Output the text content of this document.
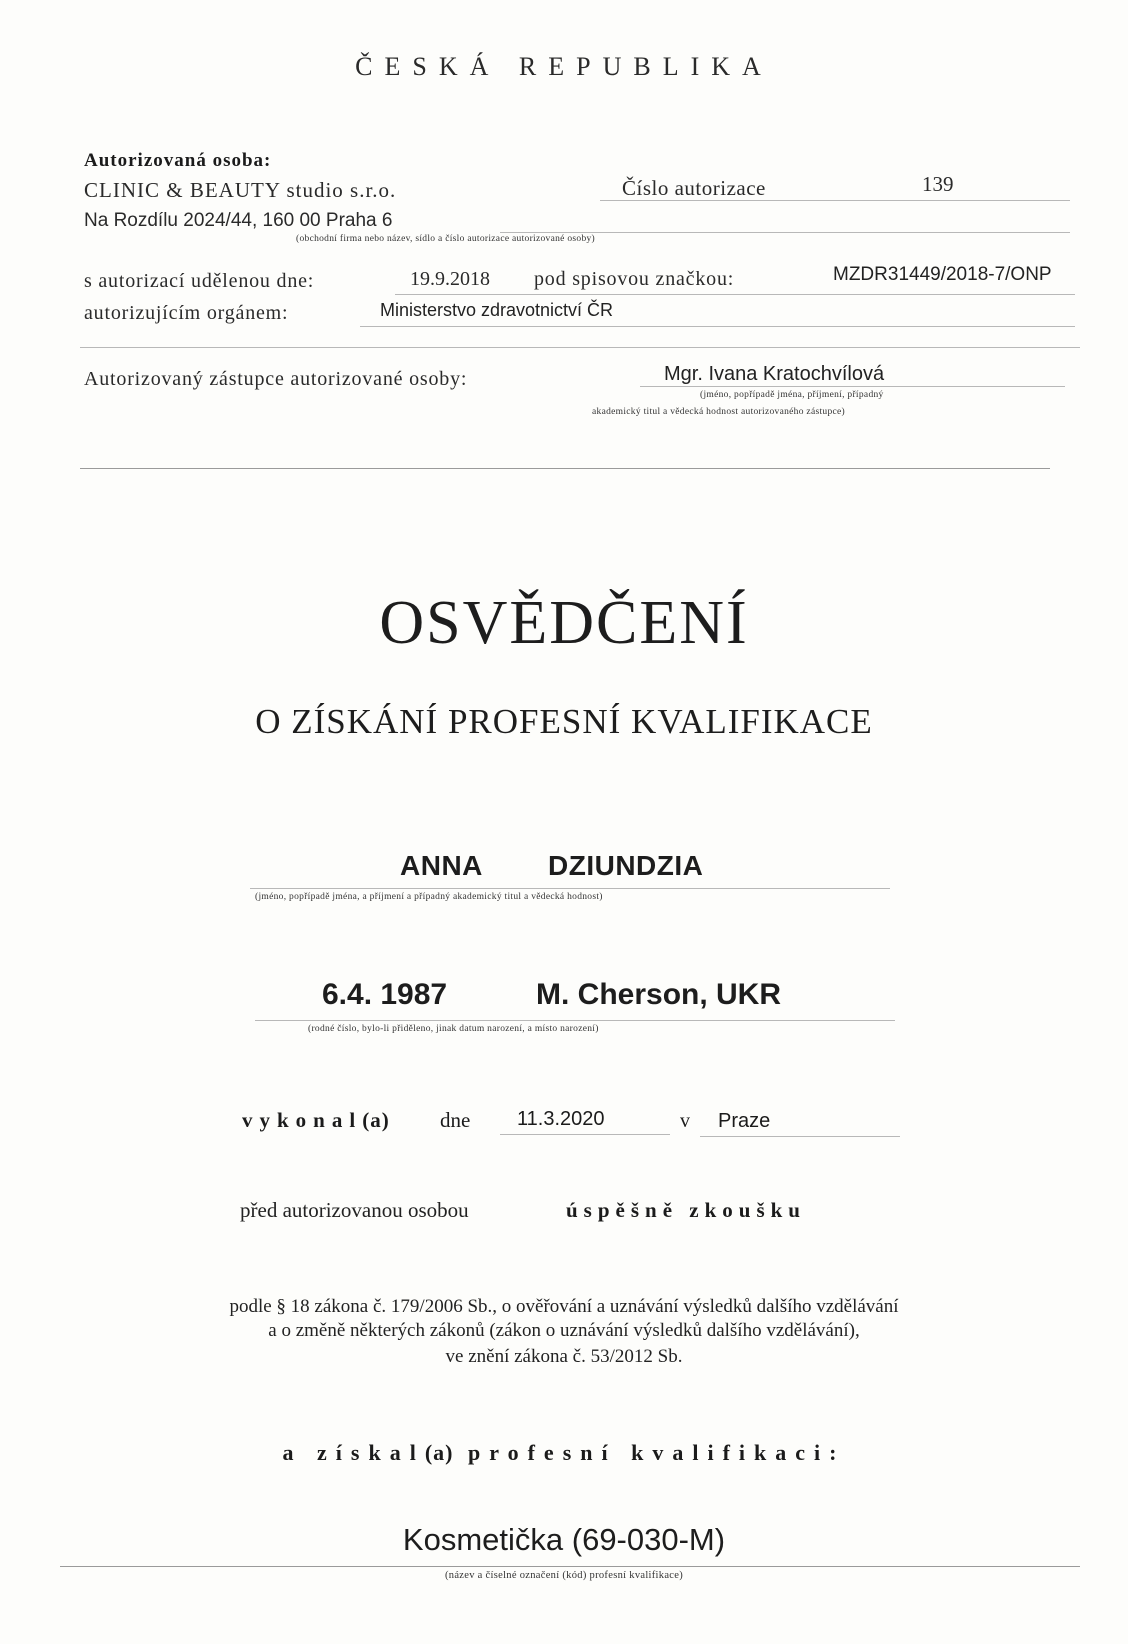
ČESKÁ REPUBLIKA
Autorizovaná osoba:
CLINIC & BEAUTY studio s.r.o.	Číslo autorizace	139
Na Rozdílu 2024/44, 160 00 Praha 6
(obchodní firma nebo název, sídlo a číslo autorizace autorizované osoby)
s autorizací udělenou dne:	19.9.2018 pod spisovou značkou:	MZDR31449/2018-7/ONP
autorizujícím orgánem:	Ministerstvo zdravotnictví ČR
Autorizovaný zástupce autorizované osoby:	Mgr. Ivana Kratochvílová
(jméno, popřípadě jména, příjmení, případný
akademický titul a vědecká hodnost autorizovaného zástupce)
OSVĚDČENÍ
O ZÍSKÁNÍ PROFESNÍ KVALIFIKACE
ANNA DZIUNDZIA
(jméno, popřípadě jména, a příjmení a případný akademický titul a vědecká hodnost)
6.4. 1987	M. Cherson, UKR
(rodné číslo, bylo-li přiděleno, jinak datum narození, a místo narození)
vykonal(a) dne 11.3.2020	v Praze
před autorizovanou osobou	úspěšně zkoušku
podle § 18 zákona č. 179/2006 Sb., o ověřování a uznávání výsledků dalšího vzdělávání
a o změně některých zákonů (zákon o uznávání výsledků dalšího vzdělávání),
ve znění zákona č. 53/2012 Sb.
a získal(a) profesní kvalifikaci:
Kosmetička (69-030-M)
(název a číselné označení (kód) profesní kvalifikace)
